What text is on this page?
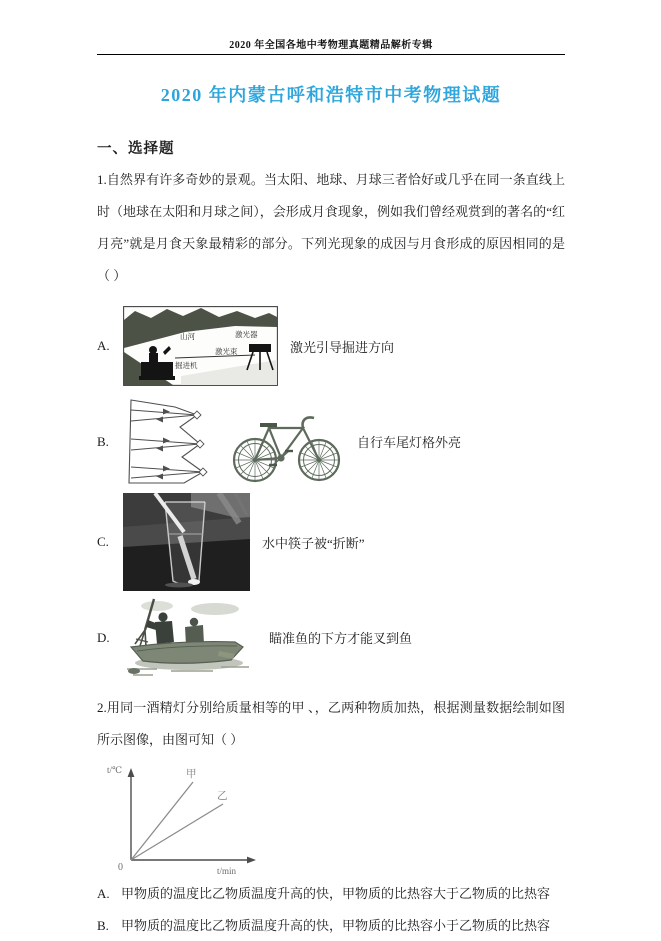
2020 年全国各地中考物理真题精品解析专辑
2020 年内蒙古呼和浩特市中考物理试题
一、选择题

1.自然界有许多奇妙的景观。当太阳、地球、月球三者恰好或几乎在同一条直线上时（地球在太阳和月球之间），会形成月食现象，例如我们曾经观赏到的著名的“红月亮”就是月食天象最精彩的部分。下列光现象的成因与月食形成的原因相同的是（ ）

A.
山河	激光器
激光束
掘进机
激光引导掘进方向
B.	自行车尾灯格外亮
C.	水中筷子被“折断”
D.	瞄准鱼的下方才能叉到鱼

2.用同一酒精灯分别给质量相等的甲 、，乙两种物质加热，根据测量数据绘制如图所示图像，由图可知（ ）

t/℃
t/min
0
甲
乙
A. 甲物质的温度比乙物质温度升高的快，甲物质的比热容大于乙物质的比热容
B. 甲物质的温度比乙物质温度升高的快，甲物质的比热容小于乙物质的比热容
